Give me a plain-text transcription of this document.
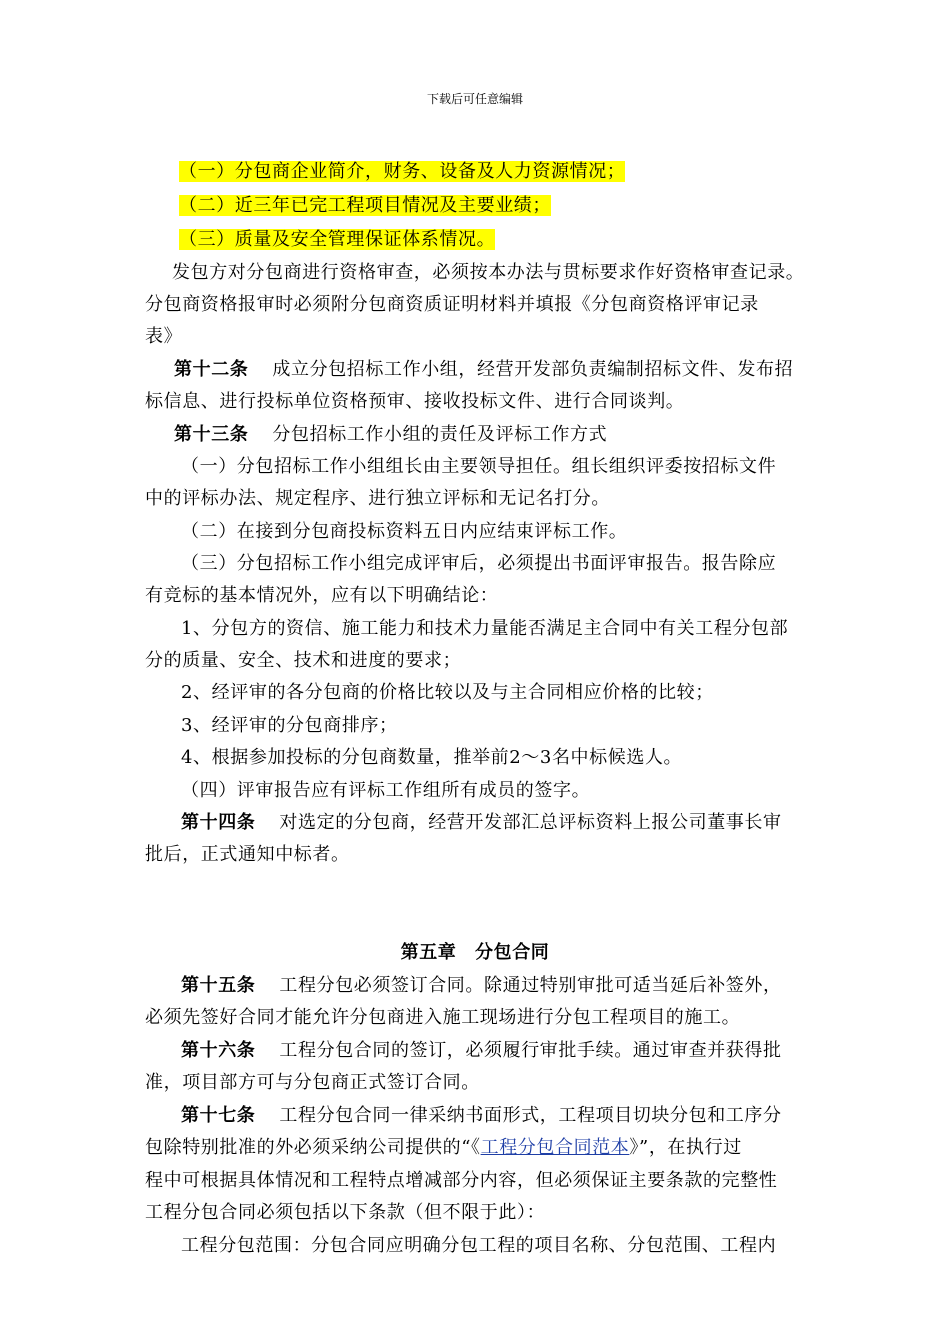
下载后可任意编辑
（一）分包商企业简介，财务、设备及人力资源情况；
（二）近三年已完工程项目情况及主要业绩；
（三）质量及安全管理保证体系情况。
发包方对分包商进行资格审查，必须按本办法与贯标要求作好资格审查记录。
分包商资格报审时必须附分包商资质证明材料并填报《分包商资格评审记录
表》
第十二条 成立分包招标工作小组，经营开发部负责编制招标文件、发布招
标信息、进行投标单位资格预审、接收投标文件、进行合同谈判。
第十三条 分包招标工作小组的责任及评标工作方式
（一）分包招标工作小组组长由主要领导担任。组长组织评委按招标文件
中的评标办法、规定程序、进行独立评标和无记名打分。
（二）在接到分包商投标资料五日内应结束评标工作。
（三）分包招标工作小组完成评审后，必须提出书面评审报告。报告除应
有竞标的基本情况外，应有以下明确结论：
1、分包方的资信、施工能力和技术力量能否满足主合同中有关工程分包部
分的质量、安全、技术和进度的要求；
2、经评审的各分包商的价格比较以及与主合同相应价格的比较；
3、经评审的分包商排序；
4、根据参加投标的分包商数量，推举前2～3名中标候选人。
（四）评审报告应有评标工作组所有成员的签字。
第十四条 对选定的分包商，经营开发部汇总评标资料上报公司董事长审
批后，正式通知中标者。
第五章　分包合同
第十五条 工程分包必须签订合同。除通过特别审批可适当延后补签外，
必须先签好合同才能允许分包商进入施工现场进行分包工程项目的施工。
第十六条 工程分包合同的签订，必须履行审批手续。通过审查并获得批
准，项目部方可与分包商正式签订合同。
第十七条 工程分包合同一律采纳书面形式，工程项目切块分包和工序分
包除特别批准的外必须采纳公司提供的“《工程分包合同范本》”，在执行过
程中可根据具体情况和工程特点增减部分内容，但必须保证主要条款的完整性
工程分包合同必须包括以下条款（但不限于此）：
工程分包范围：分包合同应明确分包工程的项目名称、分包范围、工程内
